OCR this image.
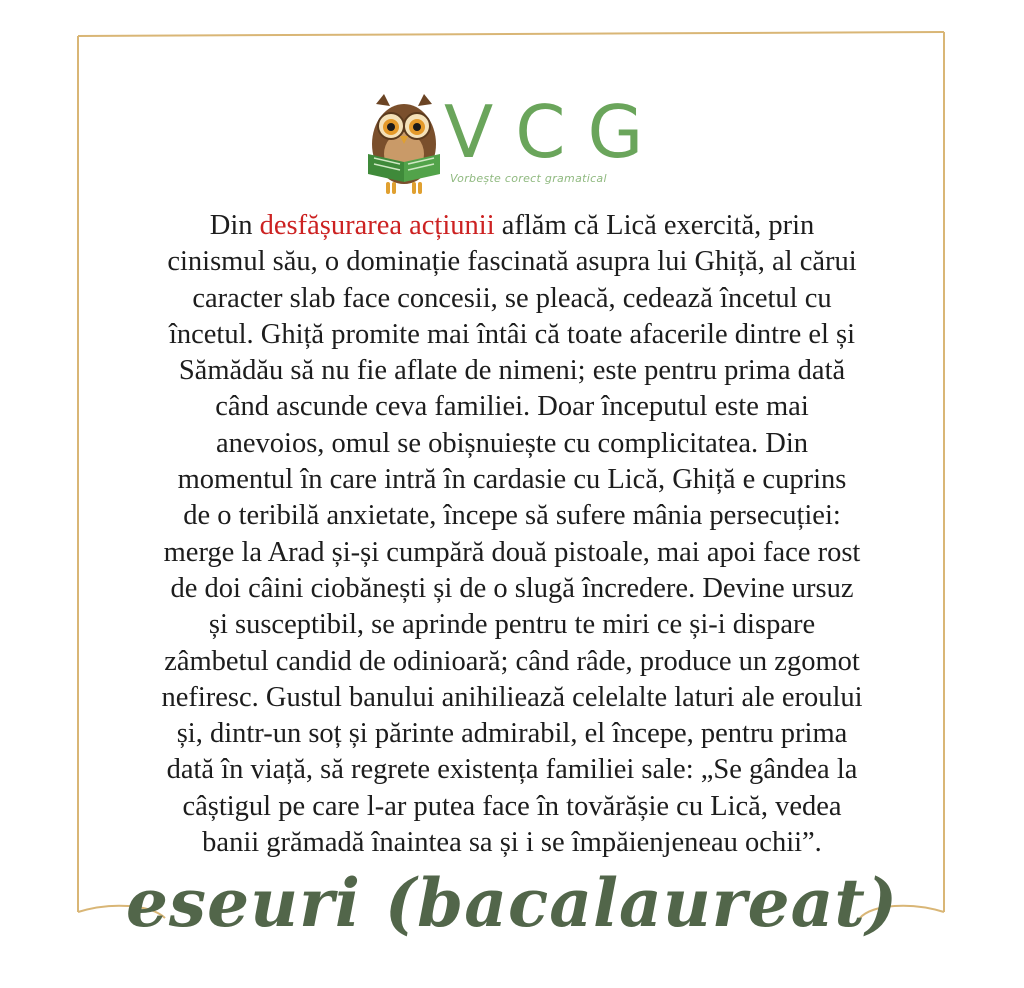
VCG
Vorbește corect gramatical
Din desfășurarea acțiunii aflăm că Lică exercită, prin
cinismul său, o dominație fascinată asupra lui Ghiță, al cărui
caracter slab face concesii, se pleacă, cedează încetul cu
încetul. Ghiță promite mai întâi că toate afacerile dintre el și
Sămădău să nu fie aflate de nimeni; este pentru prima dată
când ascunde ceva familiei. Doar începutul este mai
anevoios, omul se obișnuiește cu complicitatea. Din
momentul în care intră în cardasie cu Lică, Ghiță e cuprins
de o teribilă anxietate, începe să sufere mânia persecuției:
merge la Arad și-și cumpără două pistoale, mai apoi face rost
de doi câini ciobănești și de o slugă încredere. Devine ursuz
și susceptibil, se aprinde pentru te miri ce și-i dispare
zâmbetul candid de odinioară; când râde, produce un zgomot
nefiresc. Gustul banului anihiliează celelalte laturi ale eroului
și, dintr-un soț și părinte admirabil, el începe, pentru prima
dată în viață, să regrete existența familiei sale: „Se gândea la
câștigul pe care l-ar putea face în tovărășie cu Lică, vedea
banii grămadă înaintea sa și i se împăienjeneau ochii”.
eseuri (bacalaureat)
